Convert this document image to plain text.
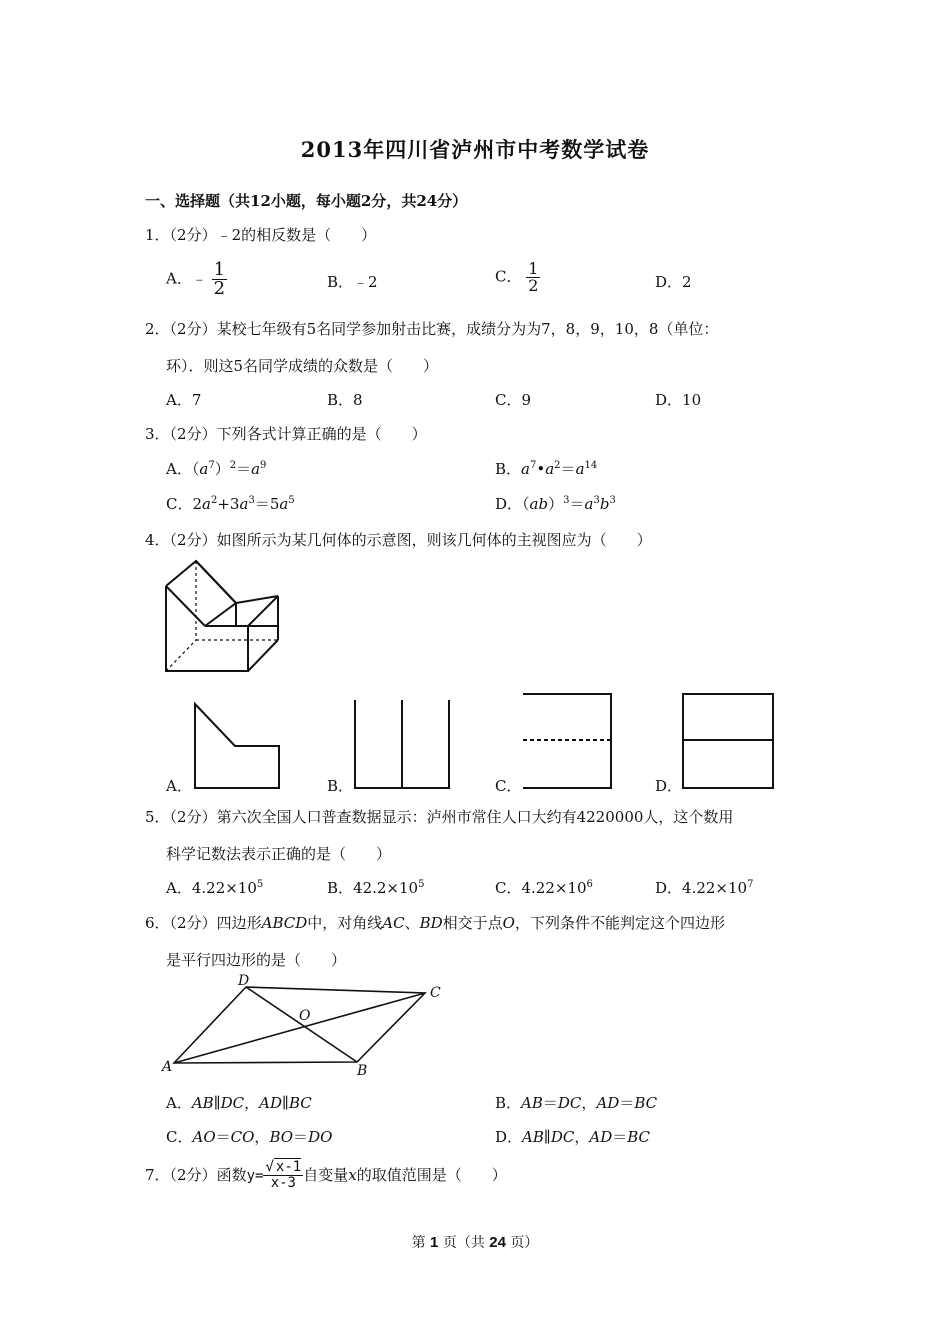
2013年四川省泸州市中考数学试卷
一、选择题（共12小题，每小题2分，共24分）
1．（2分）﹣2的相反数是（　　）
A．﹣ $\frac{1}{2}$	B．﹣2	C． $\frac{1}{2}$	D．2
2．（2分）某校七年级有5名同学参加射击比赛，成绩分为为7，8，9，10，8（单位：
环）．则这5名同学成绩的众数是（　　）
A．7	B．8	C．9	D．10
3．（2分）下列各式计算正确的是（　　）
A．$(a^7)^2=a^9$	B．$a^7•a^2=a^{14}$
C．$2a^2+3a^3=5a^5$	D．$(ab)^3=a^3b^3$
4．（2分）如图所示为某几何体的示意图，则该几何体的主视图应为（　　）
A．	B．	C．	D．
5．（2分）第六次全国人口普查数据显示：泸州市常住人口大约有4220000人，这个数用
科学记数法表示正确的是（　　）
A．$4.22\times 10^5$	B．$42.2\times 10^5$	C．$4.22\times 10^6$	D．$4.22\times 10^7$
6．（2分）四边形ABCD中，对角线AC、BD相交于点O，下列条件不能判定这个四边形
是平行四边形的是（　　）
D
C
O
A	B
A．AB∥DC，AD∥BC	B．AB＝DC，AD＝BC
C．AO＝CO，BO＝DO	D．AB∥DC，AD＝BC
7．（2分）函数$y= \frac{√ x-1}{x-3}$ 自变量x的取值范围是（　　）
第 1 页（共 24 页）
